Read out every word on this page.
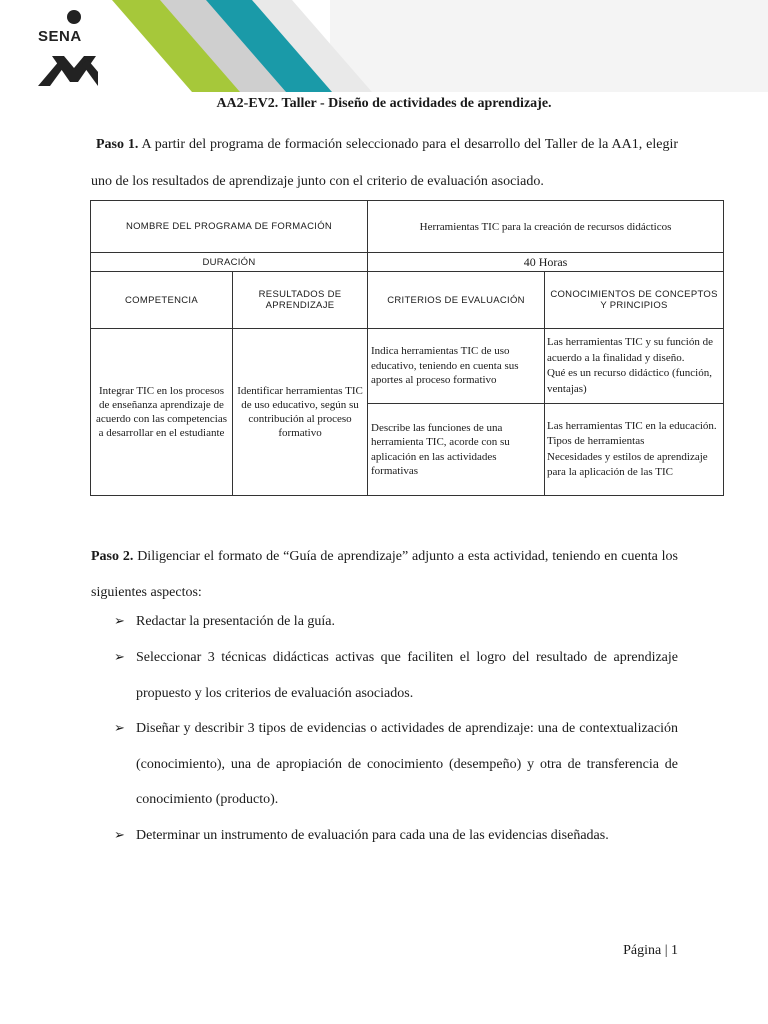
SENA
AA2-EV2. Taller - Diseño de actividades de aprendizaje.
Paso 1. A partir del programa de formación seleccionado para el desarrollo del Taller de la AA1, elegir uno de los resultados de aprendizaje junto con el criterio de evaluación asociado.
NOMBRE DEL PROGRAMA DE FORMACIÓN		Herramientas TIC para la creación de recursos didácticos	
DURACIÓN		40 Horas	
COMPETENCIA	RESULTADOS DE APRENDIZAJE	CRITERIOS DE EVALUACIÓN	CONOCIMIENTOS DE CONCEPTOS Y PRINCIPIOS
Integrar TIC en los procesos de enseñanza aprendizaje de acuerdo con las competencias a desarrollar en el estudiante	Identificar herramientas TIC de uso educativo, según su contribución al proceso formativo	Indica herramientas TIC de uso educativo, teniendo en cuenta sus aportes al proceso formativo	Las herramientas TIC y su función de acuerdo a la finalidad y diseño.
Qué es un recurso didáctico (función, ventajas)

		Describe las funciones de una herramienta TIC, acorde con su aplicación en las actividades formativas	Las herramientas TIC en la educación.
Tipos de herramientas
Necesidades y estilos de aprendizaje para la aplicación de las TIC
Paso 2. Diligenciar el formato de “Guía de aprendizaje” adjunto a esta actividad, teniendo en cuenta los siguientes aspectos:
➢ Redactar la presentación de la guía.
➢ Seleccionar 3 técnicas didácticas activas que faciliten el logro del resultado de aprendizaje propuesto y los criterios de evaluación asociados.
➢ Diseñar y describir 3 tipos de evidencias o actividades de aprendizaje: una de contextualización (conocimiento), una de apropiación de conocimiento (desempeño) y otra de transferencia de conocimiento (producto).
➢ Determinar un instrumento de evaluación para cada una de las evidencias diseñadas.
Página | 1
